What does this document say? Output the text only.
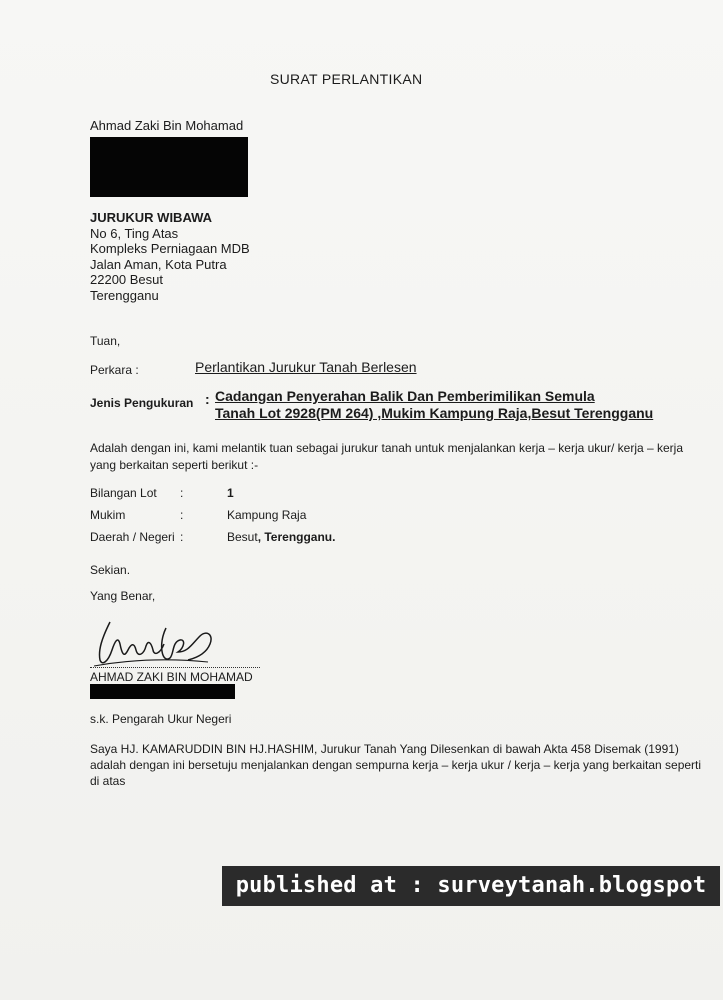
SURAT PERLANTIKAN
Ahmad Zaki Bin Mohamad
JURUKUR WIBAWA
No 6, Ting Atas
Kompleks Perniagaan MDB
Jalan Aman, Kota Putra
22200 Besut
Terengganu
Tuan,
Perkara :	Perlantikan Jurukur Tanah Berlesen
Jenis Pengukuran : Cadangan Penyerahan Balik Dan Pemberimilikan Semula
Tanah Lot 2928(PM 264) ,Mukim Kampung Raja,Besut Terengganu
Adalah dengan ini, kami melantik tuan sebagai jurukur tanah untuk menjalankan kerja – kerja ukur/ kerja – kerja yang berkaitan seperti berikut :-
Bilangan Lot :	1
Mukim	:	Kampung Raja
Daerah / Negeri :	Besut, Terengganu.
Sekian.
Yang Benar,
AHMAD ZAKI BIN MOHAMAD
s.k. Pengarah Ukur Negeri
Saya HJ. KAMARUDDIN BIN HJ.HASHIM, Jurukur Tanah Yang Dilesenkan di bawah Akta 458 Disemak (1991) adalah dengan ini bersetuju menjalankan dengan sempurna kerja – kerja ukur / kerja – kerja yang berkaitan seperti di atas
published at : surveytanah.blogspot
